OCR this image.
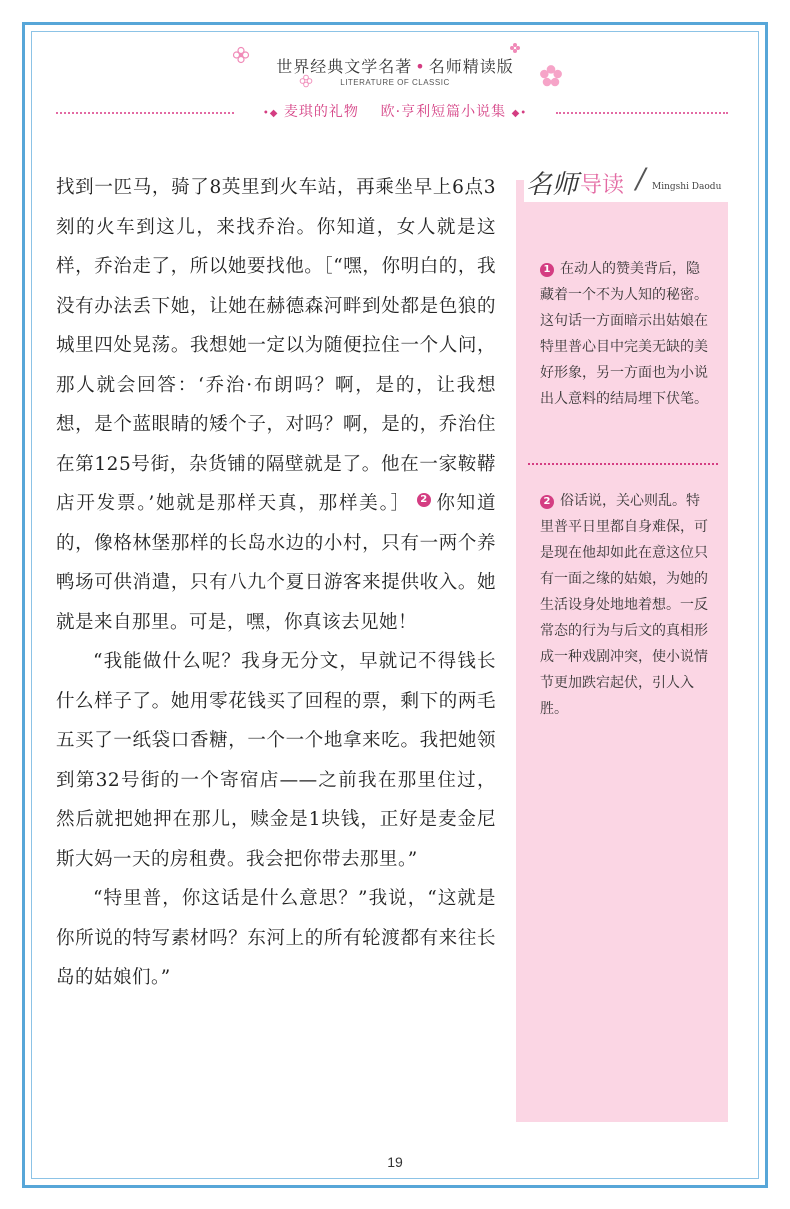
世界经典文学名著 • 名师精读版
LITERATURE OF CLASSIC
•◆ 麦琪的礼物 欧·亨利短篇小说集 ◆•

找到一匹马，骑了8英里到火车站，再乘坐早上6点3刻的火车到这儿，来找乔治。你知道，女人就是这样，乔治走了，所以她要找他。［“嘿，你明白的，我没有办法丢下她，让她在赫德森河畔到处都是色狼的城里四处晃荡。我想她一定以为随便拉住一个人问，那人就会回答：‘乔治·布朗吗？啊，是的，让我想想，是个蓝眼睛的矮个子，对吗？啊，是的，乔治住在第125号街，杂货铺的隔壁就是了。他在一家鞍鞯店开发票。’她就是那样天真，那样美。］ 2 你知道的，像格林堡那样的长岛水边的小村，只有一两个养鸭场可供消遣，只有八九个夏日游客来提供收入。她就是来自那里。可是，嘿，你真该去见她！

“我能做什么呢？我身无分文，早就记不得钱长什么样子了。她用零花钱买了回程的票，剩下的两毛五买了一纸袋口香糖，一个一个地拿来吃。我把她领到第32号街的一个寄宿店——之前我在那里住过，然后就把她押在那儿，赎金是1块钱，正好是麦金尼斯大妈一天的房租费。我会把你带去那里。”

“特里普，你这话是什么意思？”我说，“这就是你所说的特写素材吗？东河上的所有轮渡都有来往长岛的姑娘们。”

名师 导读 / Mingshi Daodu
1 在动人的赞美背后，隐藏着一个不为人知的秘密。这句话一方面暗示出姑娘在特里普心目中完美无缺的美好形象，另一方面也为小说出人意料的结局埋下伏笔。
2 俗话说，关心则乱。特里普平日里都自身难保，可是现在他却如此在意这位只有一面之缘的姑娘，为她的生活设身处地地着想。一反常态的行为与后文的真相形成一种戏剧冲突，使小说情节更加跌宕起伏，引人入胜。
19
